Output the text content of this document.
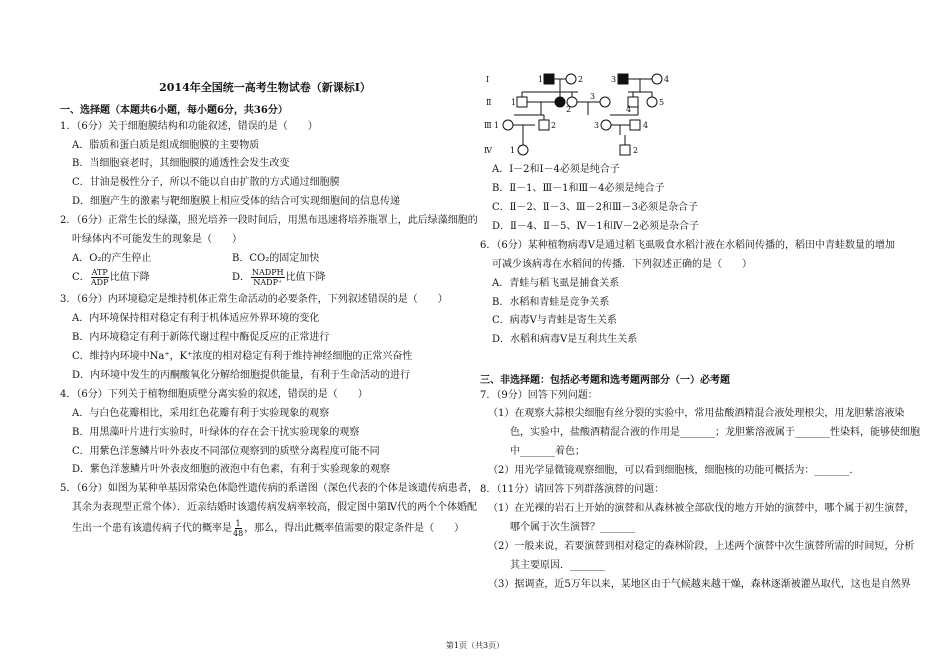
2014年全国统一高考生物试卷（新课标Ⅰ）
一、选择题（本题共6小题，每小题6分，共36分）
1．（6分）关于细胞膜结构和功能叙述，错误的是（　　）
A．脂质和蛋白质是组成细胞膜的主要物质
B．当细胞衰老时，其细胞膜的通透性会发生改变
C．甘油是极性分子，所以不能以自由扩散的方式通过细胞膜
D．细胞产生的激素与靶细胞膜上相应受体的结合可实现细胞间的信息传递
2．（6分）正常生长的绿藻，照光培养一段时间后，用黑布迅速将培养瓶罩上，此后绿藻细胞的
叶绿体内不可能发生的现象是（　　）
A．O₂的产生停止	B．CO₂的固定加快
C． $\frac{\text{ATP}}{\text{ADP}}$ 比值下降	D． $\frac{\text{NADPH}}{\text{NADP⁺}}$ 比值下降
3．（6分）内环境稳定是维持机体正常生命活动的必要条件，下列叙述错误的是（　　）
A．内环境保持相对稳定有利于机体适应外界环境的变化
B．内环境稳定有利于新陈代谢过程中酶促反应的正常进行
C．维持内环境中Na⁺，K⁺浓度的相对稳定有利于维持神经细胞的正常兴奋性
D．内环境中发生的丙酮酸氧化分解给细胞提供能量，有利于生命活动的进行
4．（6分）下列关于植物细胞质壁分离实验的叙述，错误的是（　　）
A．与白色花瓣相比，采用红色花瓣有利于实验现象的观察
B．用黑藻叶片进行实验时，叶绿体的存在会干扰实验现象的观察
C．用紫色洋葱鳞片叶外表皮不同部位观察到的质壁分离程度可能不同
D．紫色洋葱鳞片叶外表皮细胞的液泡中有色素，有利于实验现象的观察
5．（6分）如图为某种单基因常染色体隐性遗传病的系谱图（深色代表的个体是该遗传病患者，
其余为表现型正常个体）．近亲结婚时该遗传病发病率较高，假定图中第Ⅳ代的两个个体婚配
生出一个患有该遗传病子代的概率是 $\frac{1}{48}$ ，那么，得出此概率值需要的限定条件是（　　）
Ⅰ
Ⅱ
Ⅲ
Ⅳ
1	2	3	4
1
2
3
4
5
1	2	3	4
1	2
A．Ⅰ－2和Ⅰ－4必须是纯合子
B．Ⅱ－1、Ⅲ－1和Ⅲ－4必须是纯合子
C．Ⅱ－2、Ⅱ－3、Ⅲ－2和Ⅲ－3必须是杂合子
D．Ⅱ－4、Ⅱ－5、Ⅳ－1和Ⅳ－2必须是杂合子
6．（6分）某种植物病毒Ⅴ是通过稻飞虱吸食水稻汁液在水稻间传播的，稻田中青蛙数量的增加
可减少该病毒在水稻间的传播．下列叙述正确的是（　　）
A．青蛙与稻飞虱是捕食关系
B．水稻和青蛙是竞争关系
C．病毒Ⅴ与青蛙是寄生关系
D．水稻和病毒Ⅴ是互利共生关系
三、非选择题：包括必考题和选考题两部分（一）必考题
7．（9分）回答下列问题：
（1）在观察大蒜根尖细胞有丝分裂的实验中，常用盐酸酒精混合液处理根尖，用龙胆紫溶液染
色，实验中，盐酸酒精混合液的作用是_______；龙胆紫溶液属于_______性染料，能够使细胞
中_______着色；
（2）用光学显微镜观察细胞，可以看到细胞核，细胞核的功能可概括为：_______．
8．（11分）请回答下列群落演替的问题：
（1）在光裸的岩石上开始的演替和从森林被全部砍伐的地方开始的演替中，哪个属于初生演替，
哪个属于次生演替？_______
（2）一般来说，若要演替到相对稳定的森林阶段，上述两个演替中次生演替所需的时间短，分析
其主要原因．_______
（3）据调查，近5万年以来，某地区由于气候越来越干燥，森林逐渐被灌丛取代，这也是自然界
第1页（共3页）
